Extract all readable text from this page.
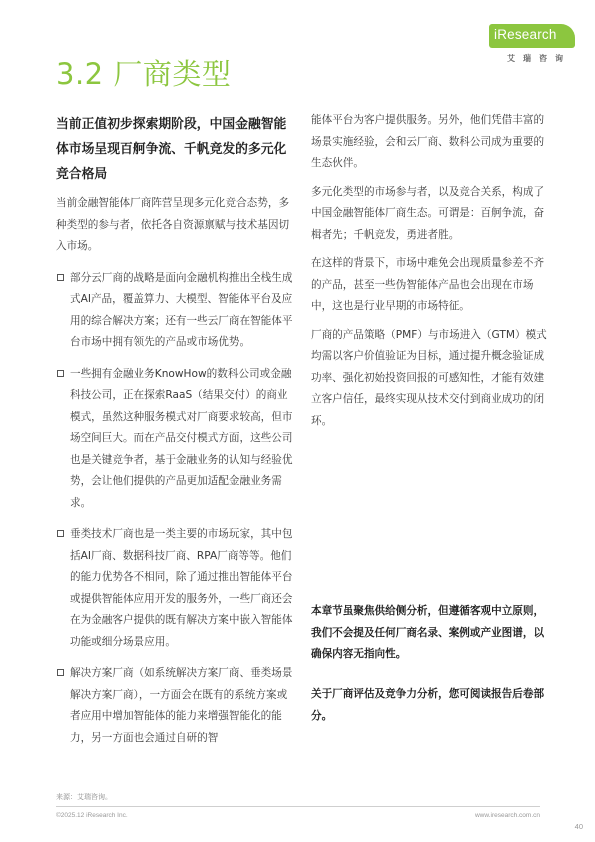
iResearch
艾瑞咨询
3.2 厂商类型
当前正值初步探索期阶段，中国金融智能体市场呈现百舸争流、千帆竞发的多元化竞合格局

当前金融智能体厂商阵营呈现多元化竞合态势，多种类型的参与者，依托各自资源禀赋与技术基因切入市场。

部分云厂商的战略是面向金融机构推出全栈生成式AI产品，覆盖算力、大模型、智能体平台及应用的综合解决方案；还有一些云厂商在智能体平台市场中拥有领先的产品或市场优势。

一些拥有金融业务KnowHow的数科公司或金融科技公司，正在探索RaaS（结果交付）的商业模式，虽然这种服务模式对厂商要求较高，但市场空间巨大。而在产品交付模式方面，这些公司也是关键竞争者，基于金融业务的认知与经验优势，会让他们提供的产品更加适配金融业务需求。

垂类技术厂商也是一类主要的市场玩家，其中包括AI厂商、数据科技厂商、RPA厂商等等。他们的能力优势各不相同，除了通过推出智能体平台或提供智能体应用开发的服务外，一些厂商还会在为金融客户提供的既有解决方案中嵌入智能体功能或细分场景应用。

解决方案厂商（如系统解决方案厂商、垂类场景解决方案厂商），一方面会在既有的系统方案或者应用中增加智能体的能力来增强智能化的能力，另一方面也会通过自研的智

能体平台为客户提供服务。另外，他们凭借丰富的场景实施经验，会和云厂商、数科公司成为重要的生态伙伴。

多元化类型的市场参与者，以及竞合关系，构成了中国金融智能体厂商生态。可谓是：百舸争流，奋楫者先；千帆竞发，勇进者胜。

在这样的背景下，市场中难免会出现质量参差不齐的产品，甚至一些伪智能体产品也会出现在市场中，这也是行业早期的市场特征。

厂商的产品策略（PMF）与市场进入（GTM）模式均需以客户价值验证为目标，通过提升概念验证成功率、强化初始投资回报的可感知性，才能有效建立客户信任，最终实现从技术交付到商业成功的闭环。

本章节虽聚焦供给侧分析，但遵循客观中立原则，我们不会提及任何厂商名录、案例或产业图谱，以确保内容无指向性。
关于厂商评估及竞争力分析，您可阅读报告后卷部分。
来源：艾瑞咨询。
©2025.12 iResearch Inc.	www.iresearch.com.cn
40
